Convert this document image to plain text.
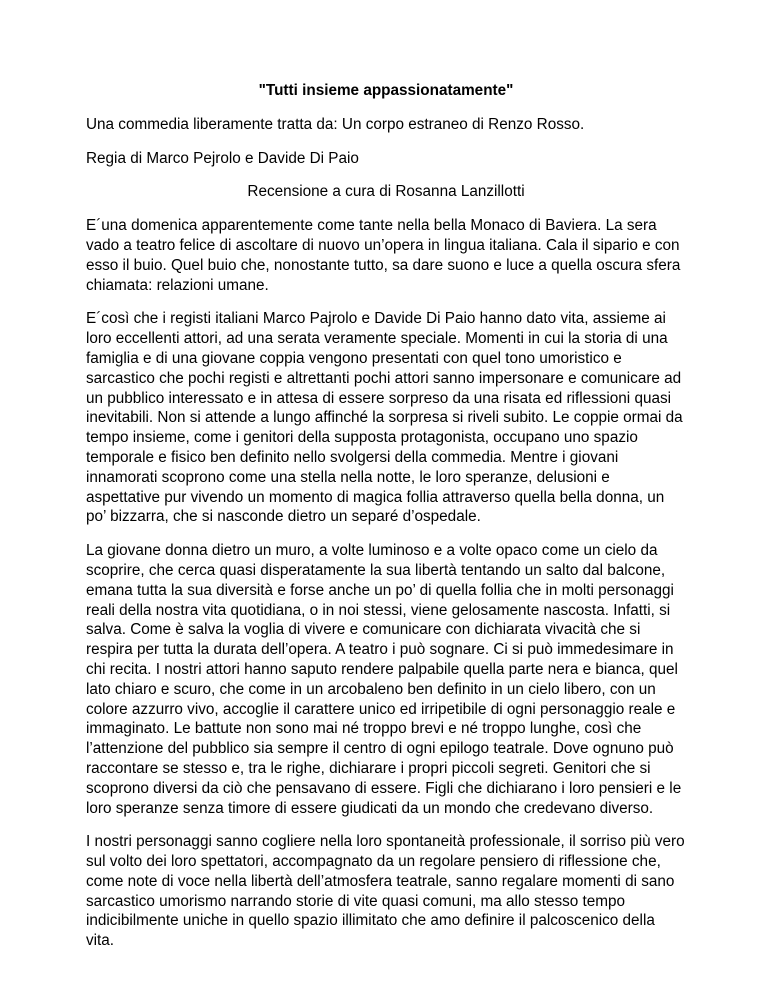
"Tutti insieme appassionatamente"
Una commedia liberamente tratta da: Un corpo estraneo di Renzo Rosso.
Regia di Marco Pejrolo e Davide Di Paio
Recensione a cura di Rosanna Lanzillotti

E´una domenica apparentemente come tante nella bella Monaco di Baviera. La sera vado a teatro felice di ascoltare di nuovo un’opera in lingua italiana. Cala il sipario e con esso il buio. Quel buio che, nonostante tutto, sa dare suono e luce a quella oscura sfera chiamata: relazioni umane.

E´così che i registi italiani Marco Pajrolo e Davide Di Paio hanno dato vita, assieme ai loro eccellenti attori, ad una serata veramente speciale. Momenti in cui la storia di una famiglia e di una giovane coppia vengono presentati con quel tono umoristico e sarcastico che pochi registi e altrettanti pochi attori sanno impersonare e comunicare ad un pubblico interessato e in attesa di essere sorpreso da una risata ed riflessioni quasi inevitabili. Non si attende a lungo affinché la sorpresa si riveli subito. Le coppie ormai da tempo insieme, come i genitori della supposta protagonista, occupano uno spazio temporale e fisico ben definito nello svolgersi della commedia. Mentre i giovani innamorati scoprono come una stella nella notte, le loro speranze, delusioni e aspettative pur vivendo un momento di magica follia attraverso quella bella donna, un po’ bizzarra, che si nasconde dietro un separé d’ospedale.

La giovane donna dietro un muro, a volte luminoso e a volte opaco come un cielo da scoprire, che cerca quasi disperatamente la sua libertà tentando un salto dal balcone, emana tutta la sua diversità e forse anche un po’ di quella follia che in molti personaggi reali della nostra vita quotidiana, o in noi stessi, viene gelosamente nascosta. Infatti, si salva. Come è salva la voglia di vivere e comunicare con dichiarata vivacità che si respira per tutta la durata dell’opera. A teatro i può sognare. Ci si può immedesimare in chi recita. I nostri attori hanno saputo rendere palpabile quella parte nera e bianca, quel lato chiaro e scuro, che come in un arcobaleno ben definito in un cielo libero, con un colore azzurro vivo, accoglie il carattere unico ed irripetibile di ogni personaggio reale e immaginato. Le battute non sono mai né troppo brevi e né troppo lunghe, così che l’attenzione del pubblico sia sempre il centro di ogni epilogo teatrale. Dove ognuno può raccontare se stesso e, tra le righe, dichiarare i propri piccoli segreti. Genitori che si scoprono diversi da ciò che pensavano di essere. Figli che dichiarano i loro pensieri e le loro speranze senza timore di essere giudicati da un mondo che credevano diverso.

I nostri personaggi sanno cogliere nella loro spontaneità professionale, il sorriso più vero sul volto dei loro spettatori, accompagnato da un regolare pensiero di riflessione che, come note di voce nella libertà dell’atmosfera teatrale, sanno regalare momenti di sano sarcastico umorismo narrando storie di vite quasi comuni, ma allo stesso tempo indicibilmente uniche in quello spazio illimitato che amo definire il palcoscenico della vita.
